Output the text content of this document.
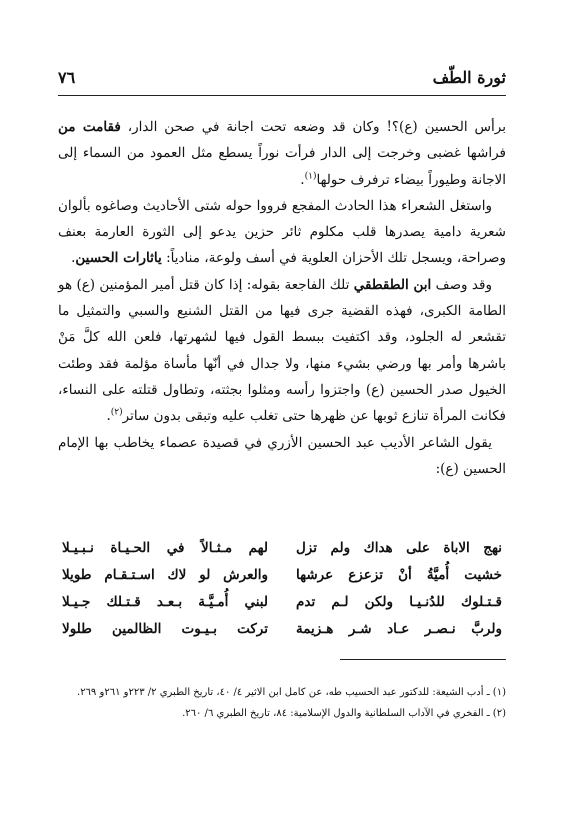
ثورة الطّف
٧٦

برأس الحسين (ع)؟! وكان قد وضعه تحت اجانة في صحن الدار، فقامت من فراشها غضبى وخرجت إلى الدار فرأت نوراً يسطع مثل العمود من السماء إلى الاجانة وطيوراً بيضاء ترفرف حولها$^{(١)}$.

واستغل الشعراء هذا الحادث المفجع فرووا حوله شتى الأحاديث وصاغوه بألوان شعرية دامية يصدرها قلب مكلوم ثائر حزين يدعو إلى الثورة العارمة بعنف وصراحة، ويسجل تلك الأحزان العلوية في أسف ولوعة، منادياً: ياثارات الحسين.

وقد وصف ابن الطقطقي تلك الفاجعة بقوله: إذا كان قتل أمير المؤمنين (ع) هو الطامة الكبرى، فهذه القضية جرى فيها من القتل الشنيع والسبي والتمثيل ما تقشعر له الجلود، وقد اكتفيت ببسط القول فيها لشهرتها، فلعن الله كلَّ مَنْ باشرها وأمر بها ورضي بشيء منها، ولا جدال في أنّها مأساة مؤلمة فقد وطئت الخيول صدر الحسين (ع) واجتزوا رأسه ومثلوا بجثته، وتطاول قتلته على النساء، فكانت المرأة تنازع ثوبها عن ظهرها حتى تغلب عليه وتبقى بدون ساتر$^{(٢)}$.

يقول الشاعر الأديب عبد الحسين الأزري في قصيدة عصماء يخاطب بها الإمام الحسين (ع):

نهج الاباة على هداك ولم تزل
لهم مـثـالاً في الحـيـاة نـبـيـلا
خشيت أُميَّةُ أنْ تزعزع عرشها
والعرش لو لاك اسـتـقـام طويلا
قـتـلوك للدُنـيـا ولكن لـم تدم
لبني أُمـيَّـة بـعـد قـتـلك جـيـلا
ولربَّ نـصـر عـاد شـر هـزيمة
تركت بـيـوت الظالمين طلولا

(١) ـ أدب الشيعة: للدكتور عبد الحسيب طه، عن كامل ابن الاثير ٤/ ٤٠، تاريخ الطبري ٢/ ٢٢٣و ٢٦١و ٢٦٩.

(٢) ـ الفخري في الآداب السلطانية والدول الإسلامية: ٨٤، تاريخ الطبري ٦/ ٢٦٠.
